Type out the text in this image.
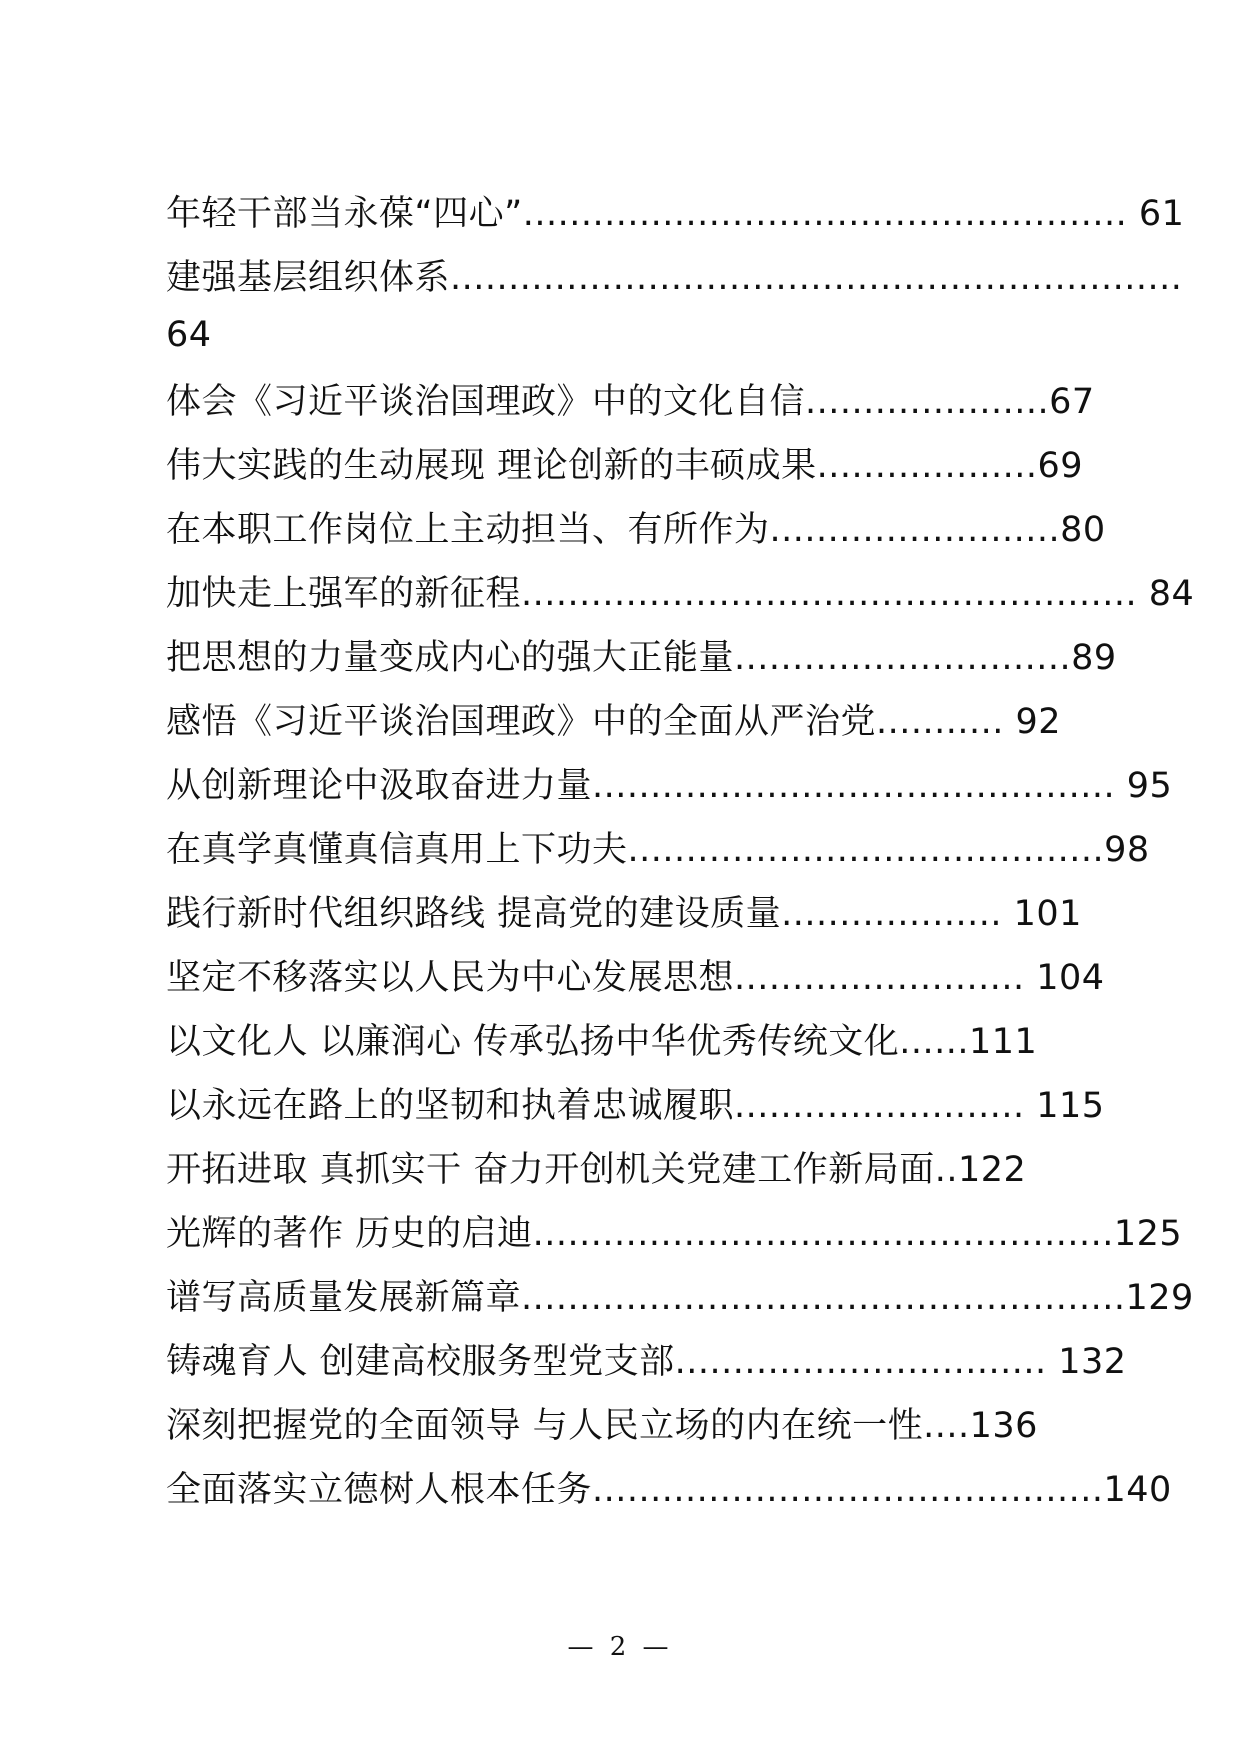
年轻干部当永葆“四心”.................................................... 61
建强基层组织体系...............................................................
64
体会《习近平谈治国理政》中的文化自信.....................67
伟大实践的生动展现 理论创新的丰硕成果...................69
在本职工作岗位上主动担当、有所作为.........................80
加快走上强军的新征程..................................................... 84
把思想的力量变成内心的强大正能量.............................89
感悟《习近平谈治国理政》中的全面从严治党........... 92
从创新理论中汲取奋进力量............................................. 95
在真学真懂真信真用上下功夫.........................................98
践行新时代组织路线 提高党的建设质量................... 101
坚定不移落实以人民为中心发展思想......................... 104
以文化人 以廉润心 传承弘扬中华优秀传统文化......111
以永远在路上的坚韧和执着忠诚履职......................... 115
开拓进取 真抓实干 奋力开创机关党建工作新局面..122
光辉的著作 历史的启迪..................................................125
谱写高质量发展新篇章....................................................129
铸魂育人 创建高校服务型党支部................................ 132
深刻把握党的全面领导 与人民立场的内在统一性....136
全面落实立德树人根本任务............................................140
— 2 —
